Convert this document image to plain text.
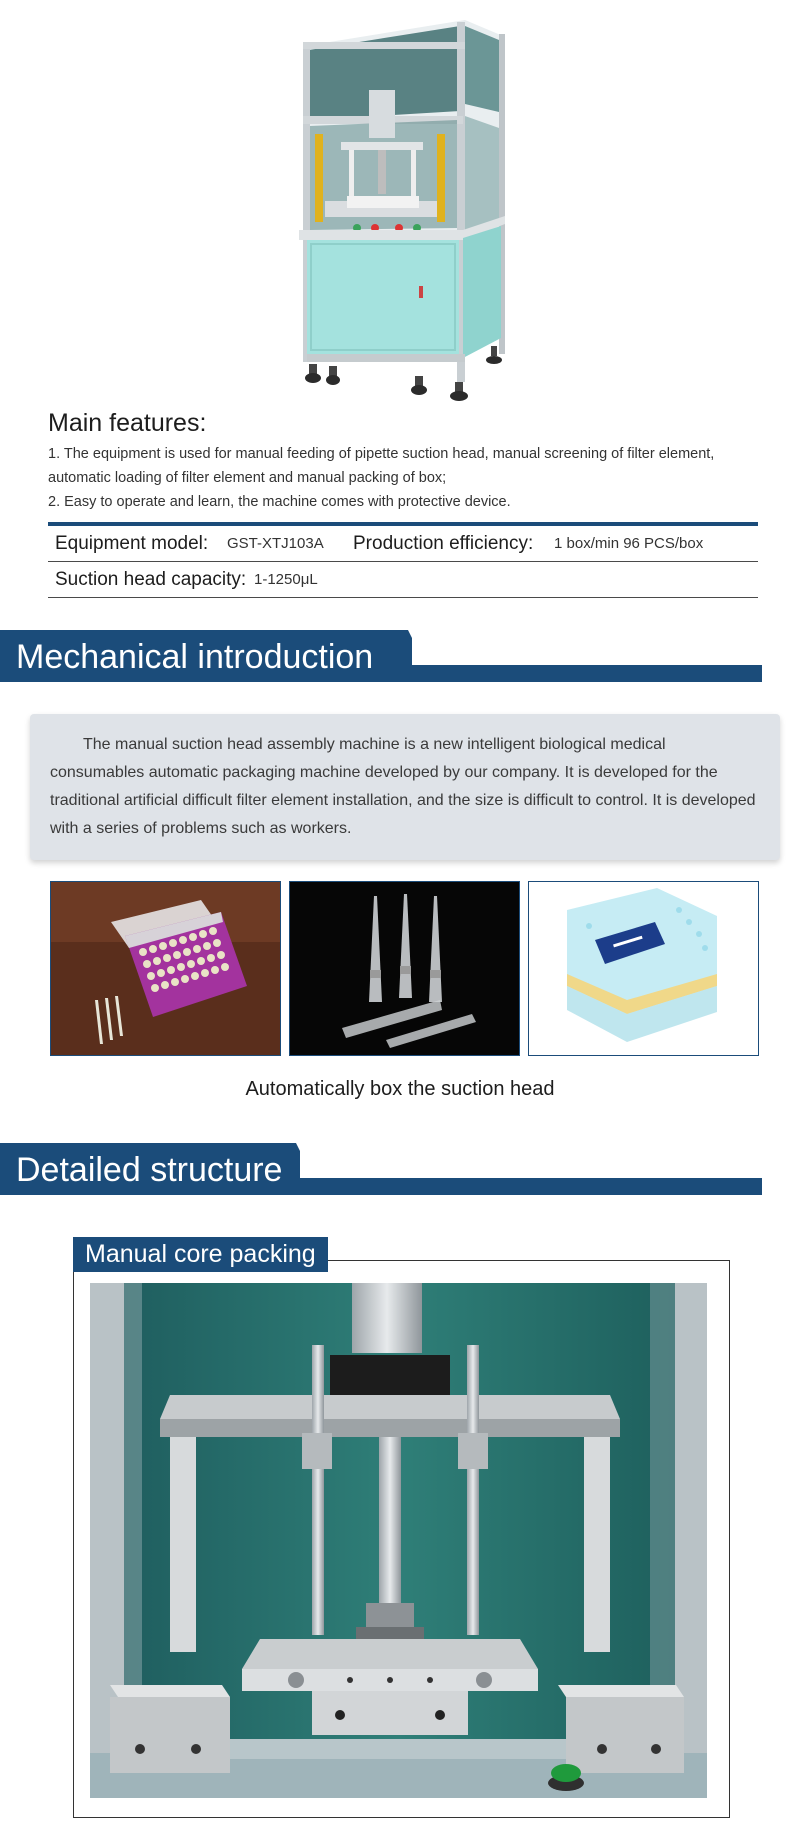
Main features:

1. The equipment is used for manual feeding of pipette suction head, manual screening of filter element, automatic loading of filter element and manual packing of box;

2. Easy to operate and learn, the machine comes with protective device.

Equipment model:	GST-XTJ103A	Production efficiency:	1 box/min 96 PCS/box
Suction head capacity: 1-1250μL
Mechanical introduction

The manual suction head assembly machine is a new intelligent biological medical consumables automatic packaging machine developed by our company. It is developed for the traditional artificial difficult filter element installation, and the size is difficult to control. It is developed with a series of problems such as workers.

Automatically box the suction head
Detailed structure
Manual core packing
